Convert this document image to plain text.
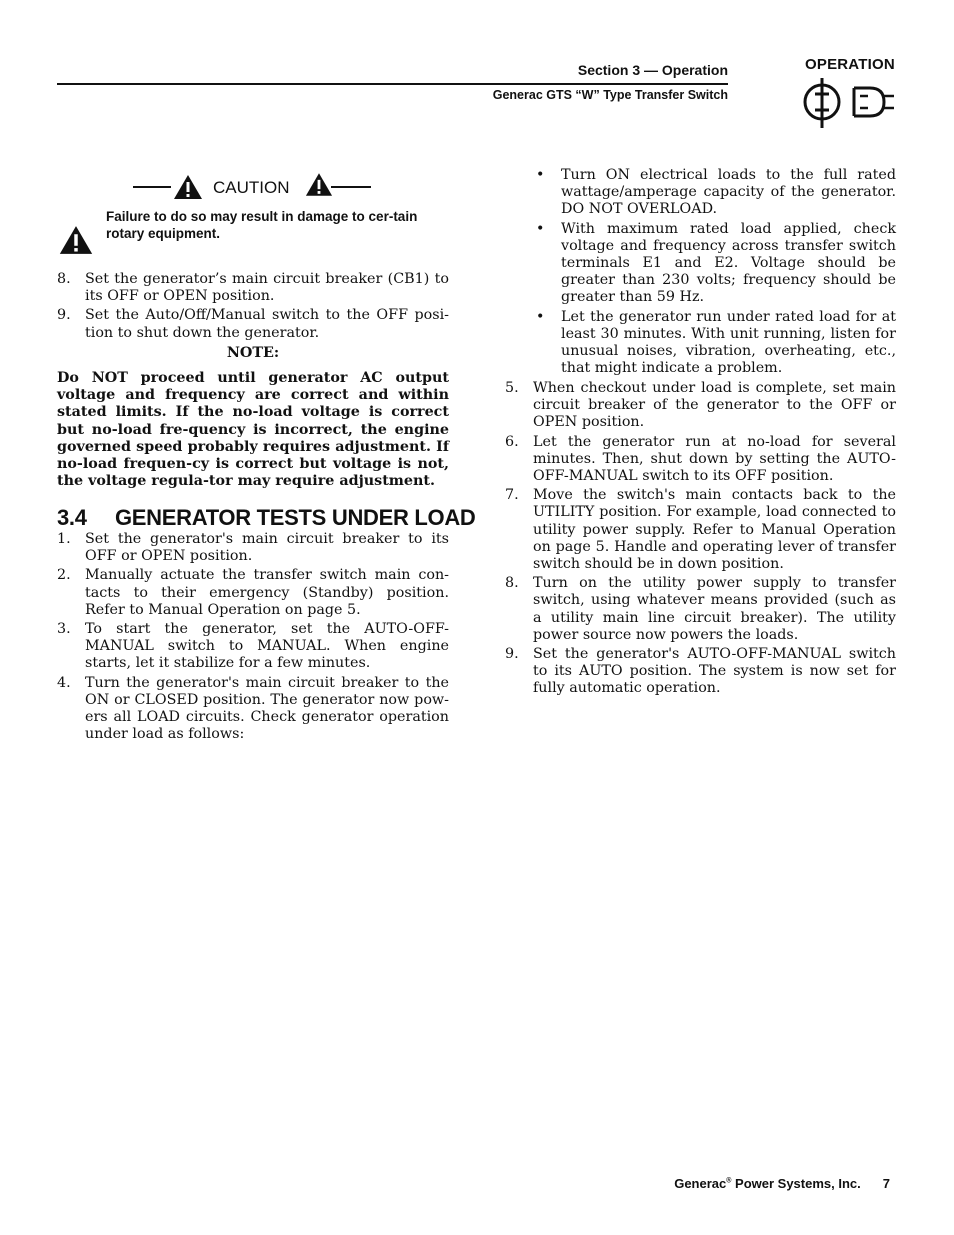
Section 3 — Operation
Generac GTS “W” Type Transfer Switch
OPERATION
CAUTION
Failure to do so may result in damage to cer-tain rotary equipment.
8. Set the generator’s main circuit breaker (CB1) to its OFF or OPEN position.
9. Set the Auto/Off/Manual switch to the OFF posi-tion to shut down the generator.
NOTE:
Do NOT proceed until generator AC output voltage and frequency are correct and within stated limits. If the no-load voltage is correct but no-load fre-quency is incorrect, the engine governed speed probably requires adjustment. If no-load frequen-cy is correct but voltage is not, the voltage regula-tor may require adjustment.
3.4 GENERATOR TESTS UNDER LOAD
1. Set the generator's main circuit breaker to its OFF or OPEN position.
2. Manually actuate the transfer switch main con-tacts to their emergency (Standby) position. Refer to Manual Operation on page 5.
3. To start the generator, set the AUTO-OFF-MANUAL switch to MANUAL. When engine starts, let it stabilize for a few minutes.
4. Turn the generator's main circuit breaker to the ON or CLOSED position. The generator now pow-ers all LOAD circuits. Check generator operation under load as follows:
• Turn ON electrical loads to the full rated wattage/amperage capacity of the generator. DO NOT OVERLOAD.
• With maximum rated load applied, check voltage and frequency across transfer switch terminals E1 and E2. Voltage should be greater than 230 volts; frequency should be greater than 59 Hz.
• Let the generator run under rated load for at least 30 minutes. With unit running, listen for unusual noises, vibration, overheating, etc., that might indicate a problem.
5. When checkout under load is complete, set main circuit breaker of the generator to the OFF or OPEN position.
6. Let the generator run at no-load for several minutes. Then, shut down by setting the AUTO-OFF-MANUAL switch to its OFF position.
7. Move the switch's main contacts back to the UTILITY position. For example, load connected to utility power supply. Refer to Manual Operation on page 5. Handle and operating lever of transfer switch should be in down position.
8. Turn on the utility power supply to transfer switch, using whatever means provided (such as a utility main line circuit breaker). The utility power source now powers the loads.
9. Set the generator's AUTO-OFF-MANUAL switch to its AUTO position. The system is now set for fully automatic operation.
Generac® Power Systems, Inc. 7
